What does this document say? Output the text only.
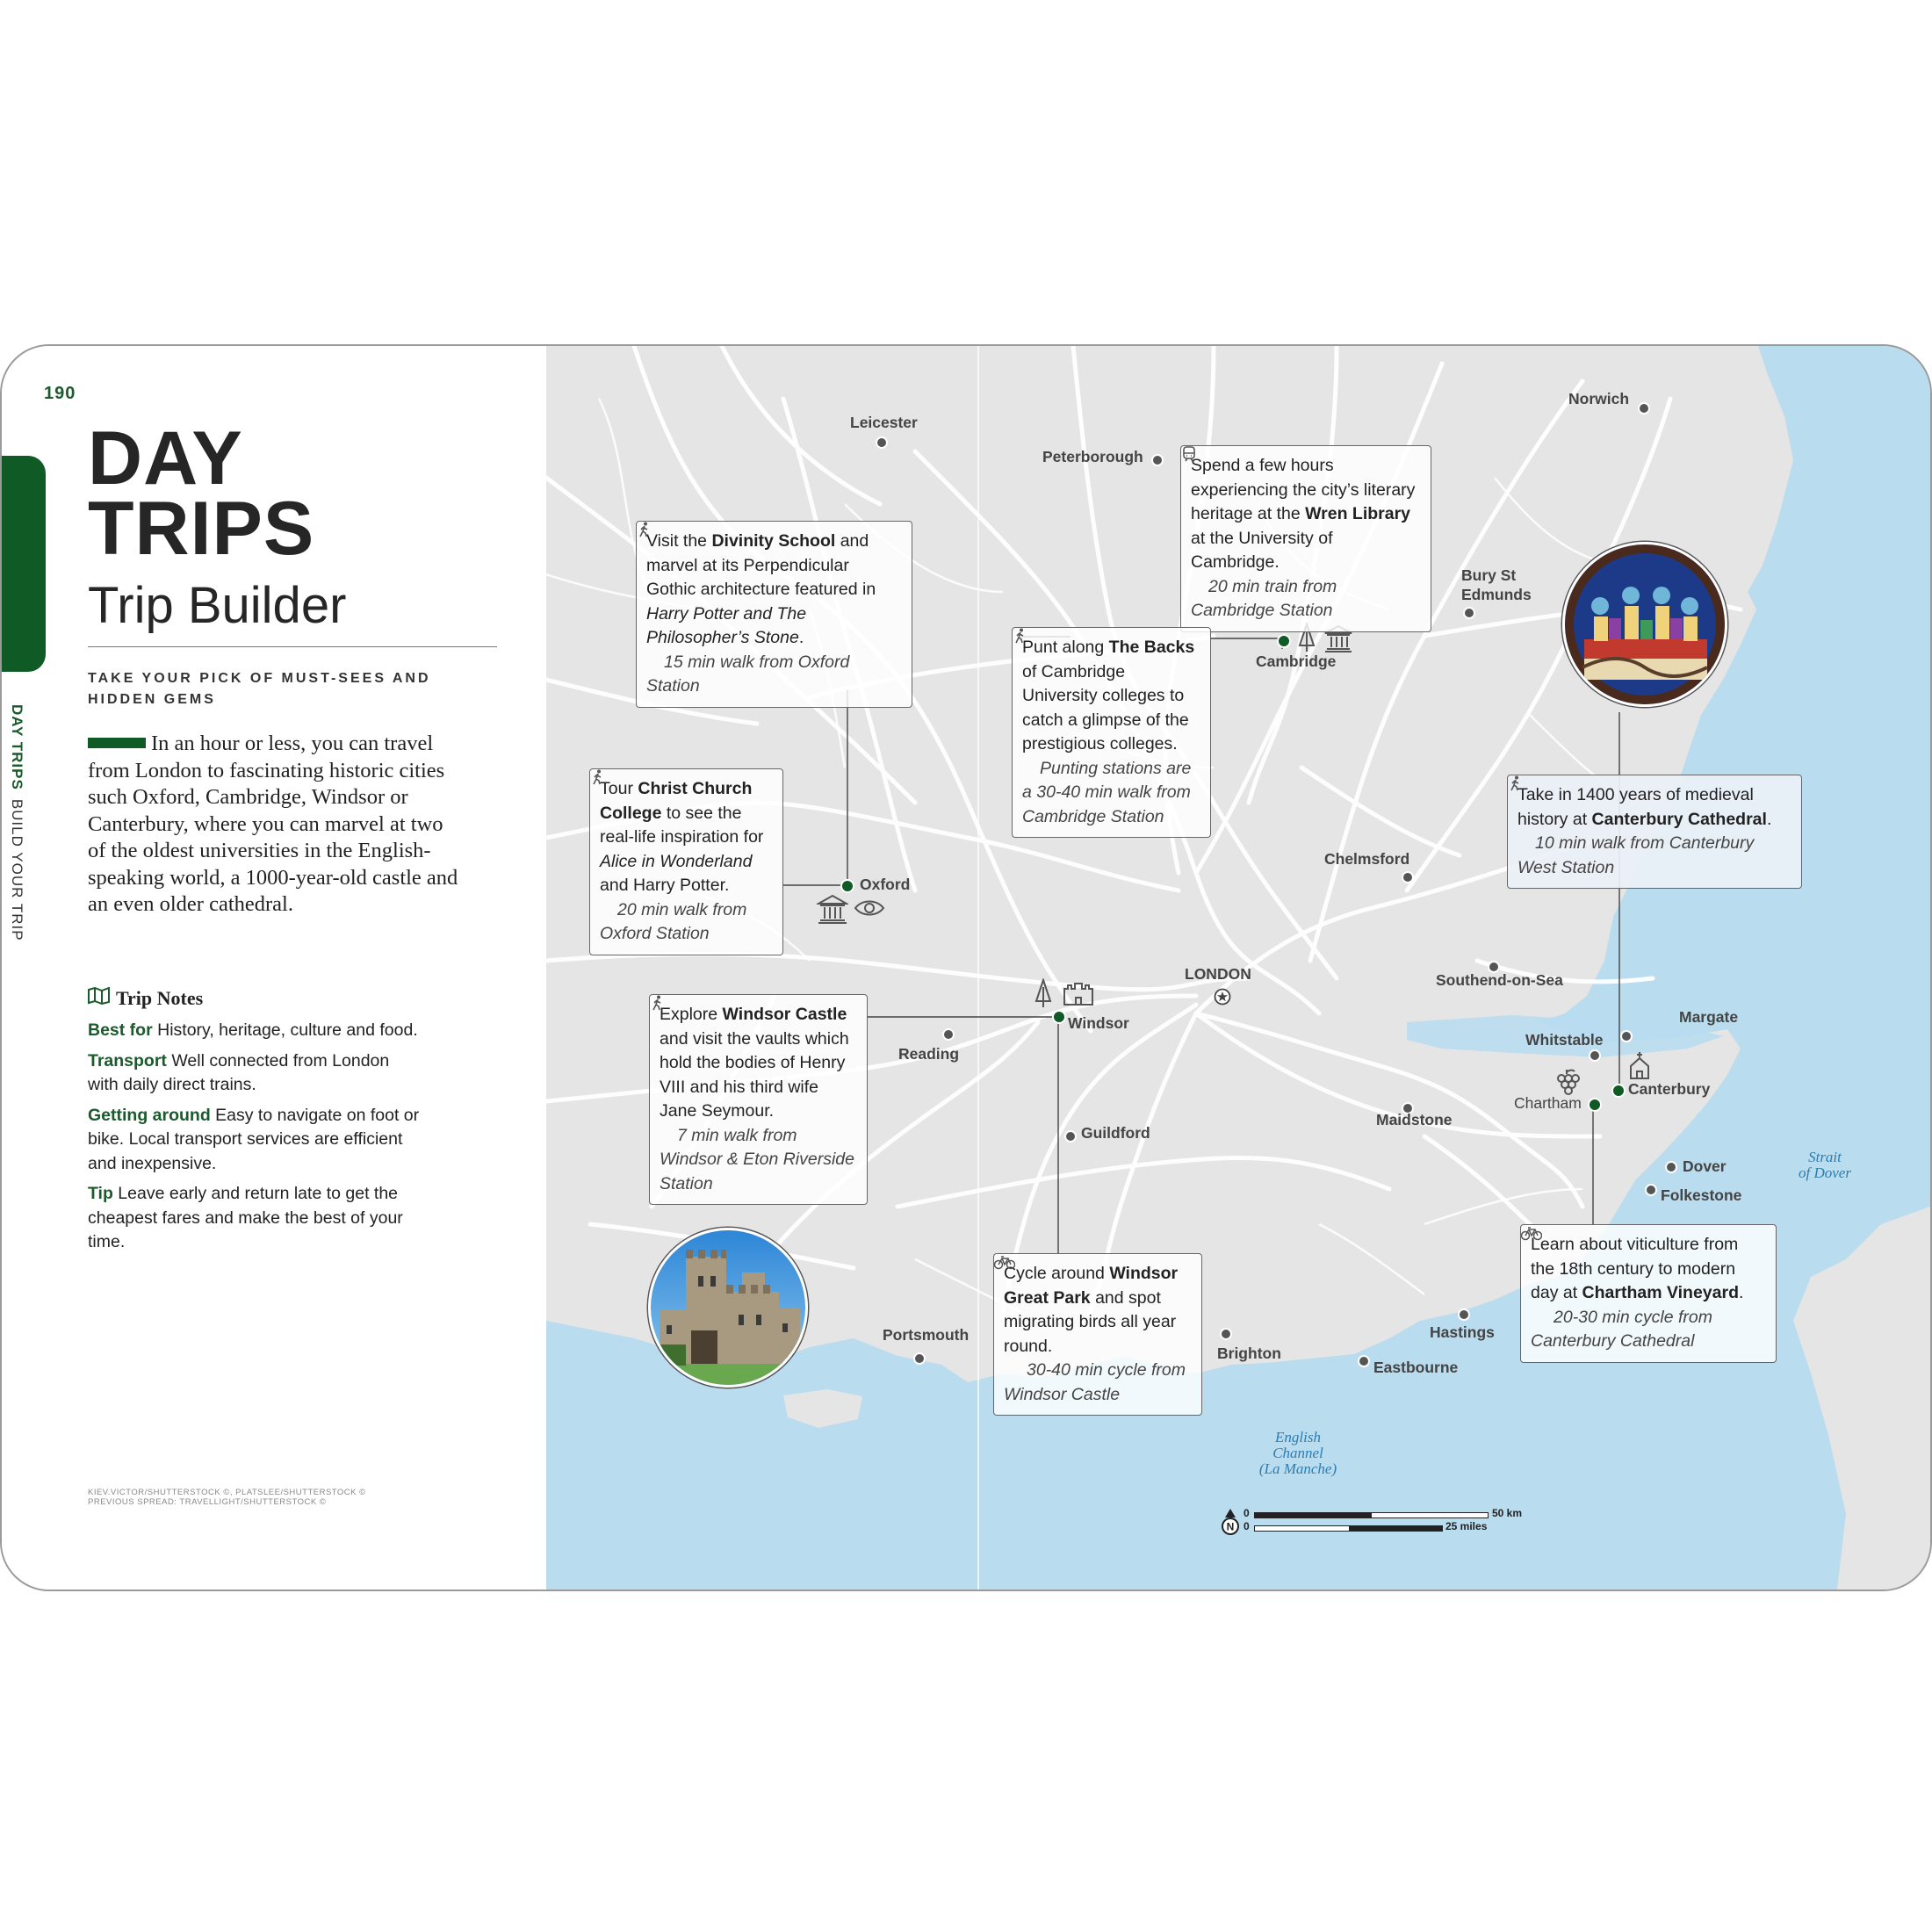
190
DAY TRIPSBUILD YOUR TRIP
DAY
TRIPS
Trip Builder
TAKE YOUR PICK OF MUST-SEES AND HIDDEN GEMS
In an hour or less, you can travel from London to fascinating historic cities such Oxford, Cambridge, Windsor or Canterbury, where you can marvel at two of the oldest universities in the English-speaking world, a 1000-year-old castle and an even older cathedral.
Trip Notes

Best for History, heritage, culture and food.

Transport Well connected from London with daily direct trains.

Getting around Easy to navigate on foot or bike. Local transport services are efficient and inexpensive.

Tip Leave early and return late to get the cheapest fares and make the best of your time.

KIEV.VICTOR/SHUTTERSTOCK ©, PLATSLEE/SHUTTERSTOCK ©
PREVIOUS SPREAD: TRAVELLIGHT/SHUTTERSTOCK ©
Leicester
Peterborough
Norwich
Bury St
Edmunds
Cambridge
Oxford
Chelmsford
LONDON	Southend-on-Sea
Margate
Whitstable
Canterbury
Chartham
Maidstone
Dover
Folkestone
Reading
Windsor
Guildford
Portsmouth
Brighton
Eastbourne
Hastings
English
Channel
(La Manche)
Strait
of Dover
Visit the Divinity School and marvel at its Perpendicular Gothic architecture featured in Harry Potter and The Philosopher’s Stone.
15 min walk from Oxford Station
Tour Christ Church College to see the real-life inspiration for Alice in Wonderland and Harry Potter.
20 min walk from Oxford Station
Spend a few hours experiencing the city’s literary heritage at the Wren Library at the University of Cambridge.
20 min train from Cambridge Station
Punt along The Backs of Cambridge University colleges to catch a glimpse of the prestigious colleges.
Punting stations are a 30-40 min walk from Cambridge Station
Take in 1400 years of medieval history at Canterbury Cathedral.
10 min walk from Canterbury West Station
Explore Windsor Castle and visit the vaults which hold the bodies of Henry VIII and his third wife Jane Seymour.
7 min walk from Windsor & Eton Riverside Station
Cycle around Windsor Great Park and spot migrating birds all year round.
30-40 min cycle from Windsor Castle
Learn about viticulture from the 18th century to modern day at Chartham Vineyard.
20-30 min cycle from Canterbury Cathedral
N
0
0
50 km
25 miles
